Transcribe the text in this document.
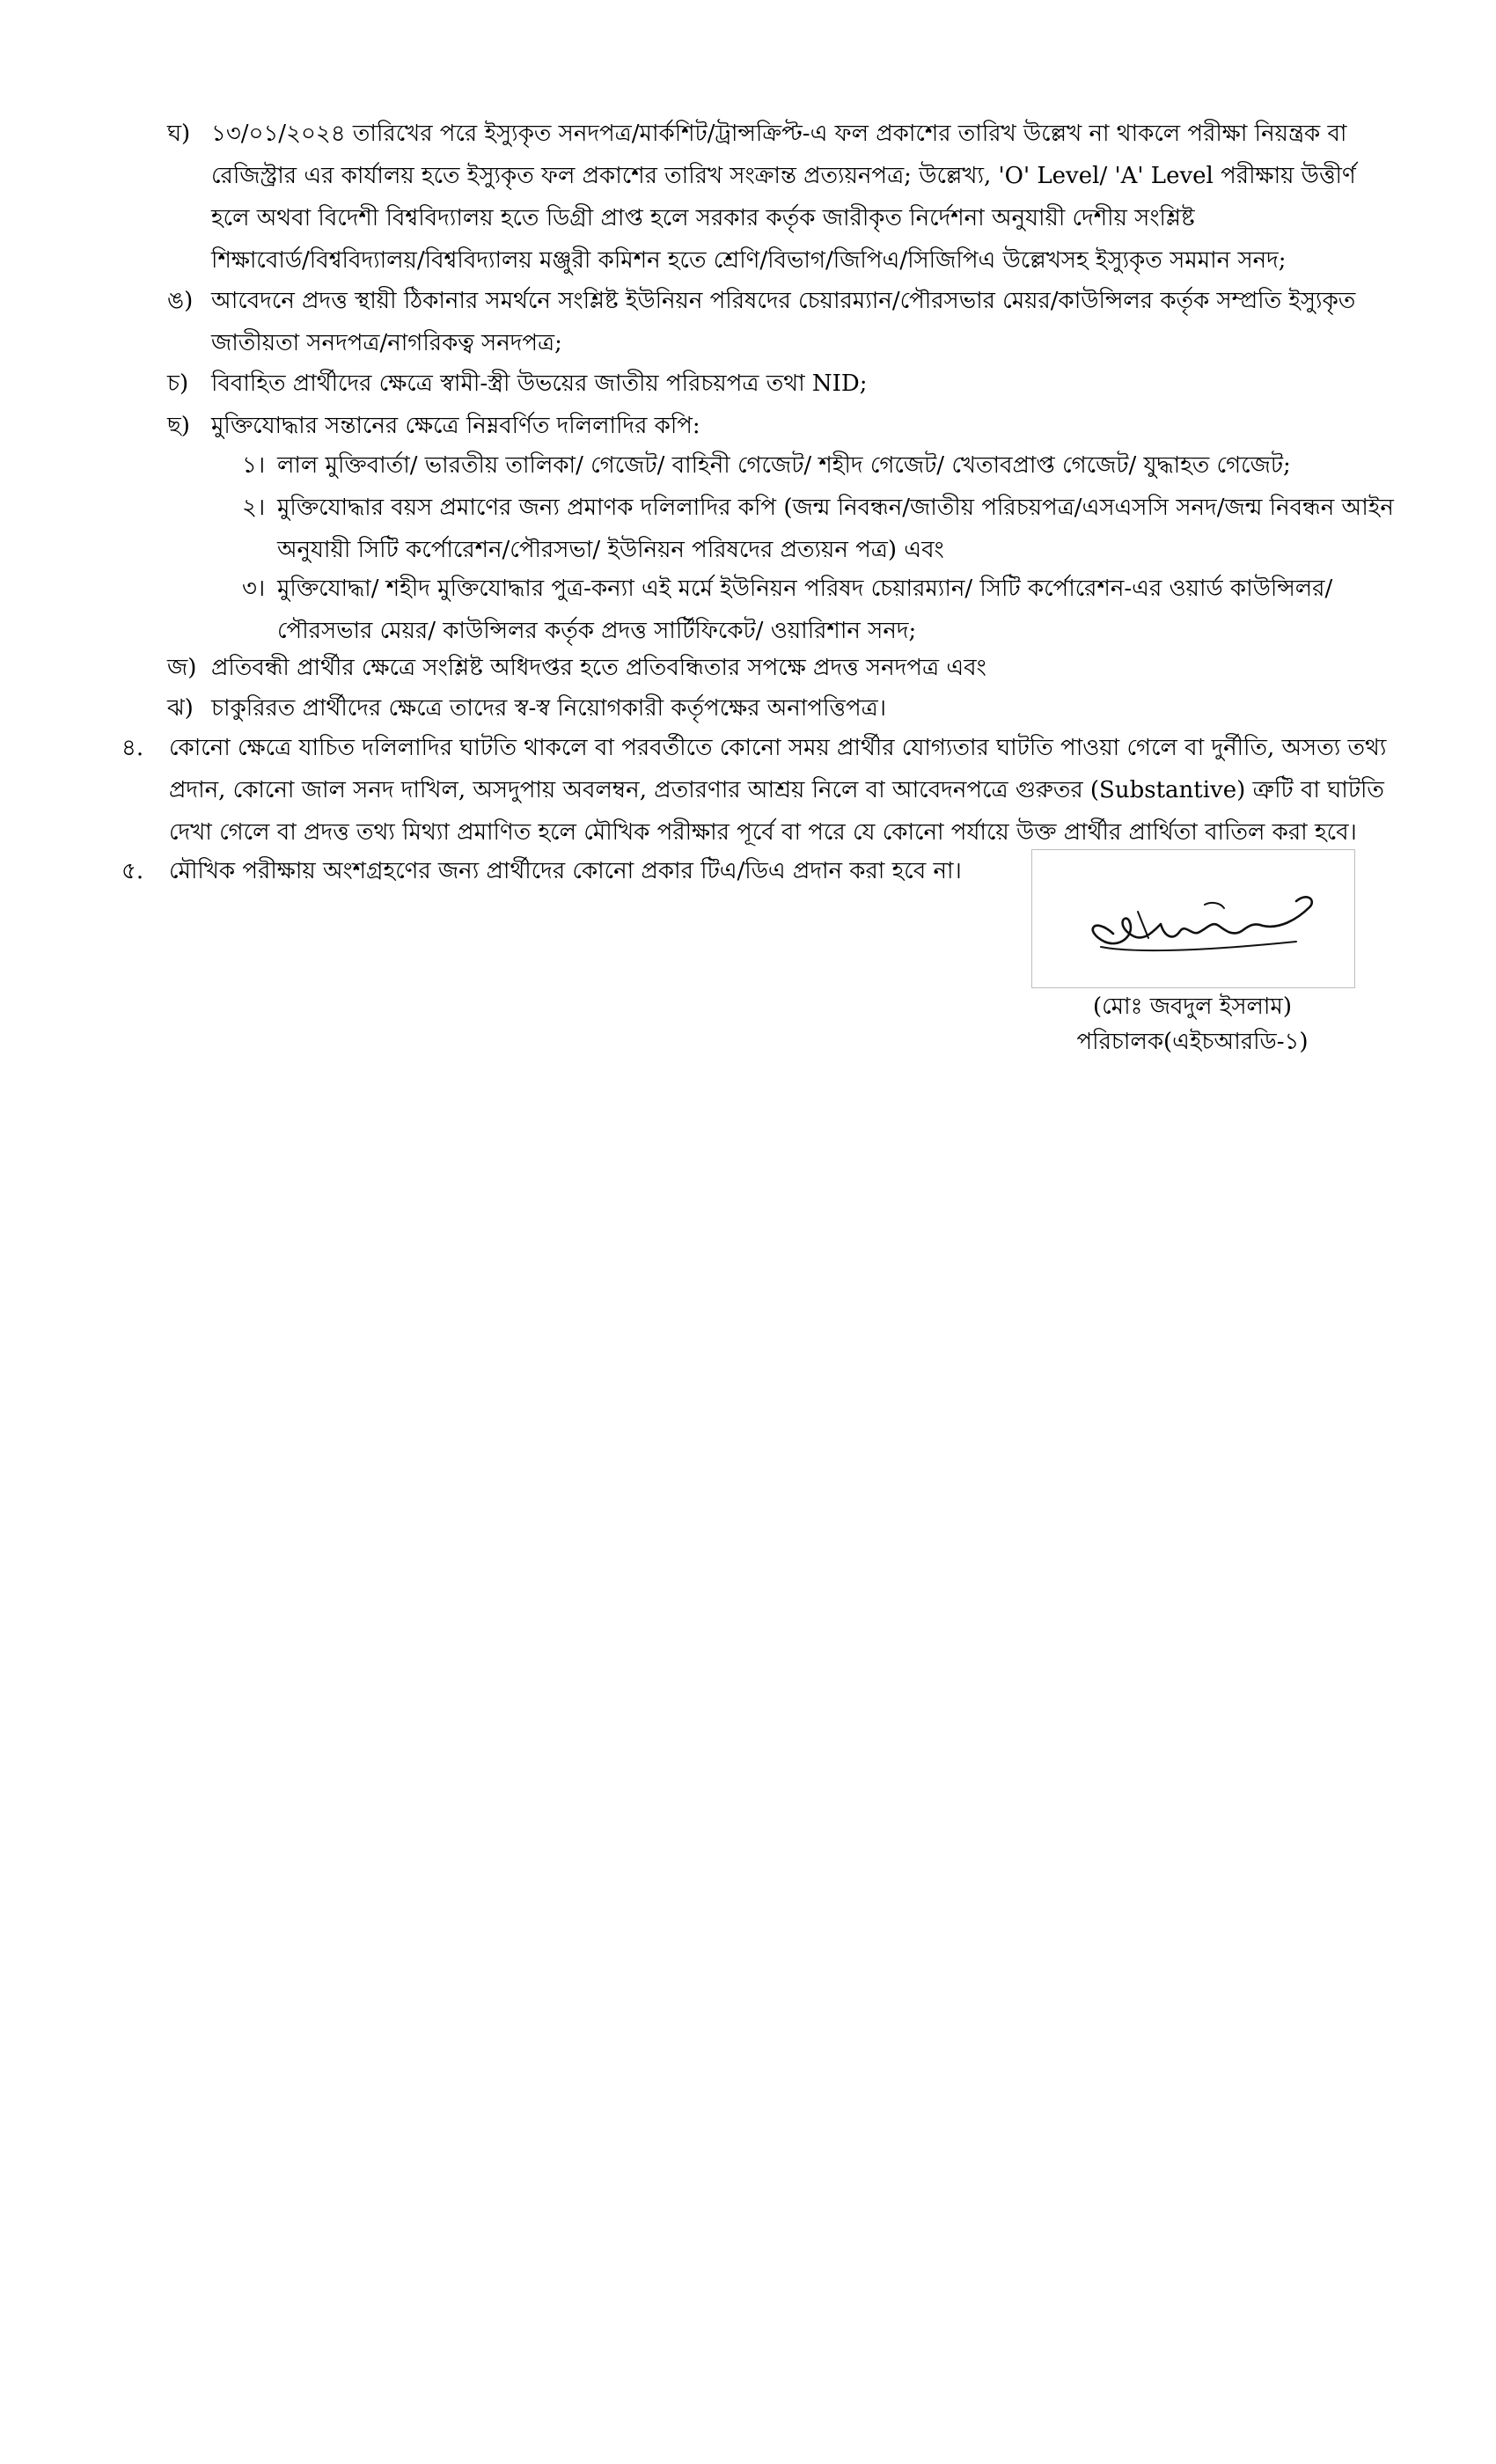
ঘ) ১৩/০১/২০২৪ তারিখের পরে ইস্যুকৃত সনদপত্র/মার্কশিট/ট্রান্সক্রিপ্ট-এ ফল প্রকাশের তারিখ উল্লেখ না থাকলে পরীক্ষা নিয়ন্ত্রক বা
রেজিস্ট্রার এর কার্যালয় হতে ইস্যুকৃত ফল প্রকাশের তারিখ সংক্রান্ত প্রত্যয়নপত্র; উল্লেখ্য, 'O' Level/ 'A' Level পরীক্ষায় উত্তীর্ণ
হলে অথবা বিদেশী বিশ্ববিদ্যালয় হতে ডিগ্রী প্রাপ্ত হলে সরকার কর্তৃক জারীকৃত নির্দেশনা অনুযায়ী দেশীয় সংশ্লিষ্ট
শিক্ষাবোর্ড/বিশ্ববিদ্যালয়/বিশ্ববিদ্যালয় মঞ্জুরী কমিশন হতে শ্রেণি/বিভাগ/জিপিএ/সিজিপিএ উল্লেখসহ ইস্যুকৃত সমমান সনদ;
ঙ) আবেদনে প্রদত্ত স্থায়ী ঠিকানার সমর্থনে সংশ্লিষ্ট ইউনিয়ন পরিষদের চেয়ারম্যান/পৌরসভার মেয়র/কাউন্সিলর কর্তৃক সম্প্রতি ইস্যুকৃত
জাতীয়তা সনদপত্র/নাগরিকত্ব সনদপত্র;
চ) বিবাহিত প্রার্থীদের ক্ষেত্রে স্বামী-স্ত্রী উভয়ের জাতীয় পরিচয়পত্র তথা NID;
ছ) মুক্তিযোদ্ধার সন্তানের ক্ষেত্রে নিম্নবর্ণিত দলিলাদির কপি:
১। লাল মুক্তিবার্তা/ ভারতীয় তালিকা/ গেজেট/ বাহিনী গেজেট/ শহীদ গেজেট/ খেতাবপ্রাপ্ত গেজেট/ যুদ্ধাহত গেজেট;
২। মুক্তিযোদ্ধার বয়স প্রমাণের জন্য প্রমাণক দলিলাদির কপি (জন্ম নিবন্ধন/জাতীয় পরিচয়পত্র/এসএসসি সনদ/জন্ম নিবন্ধন আইন
অনুযায়ী সিটি কর্পোরেশন/পৌরসভা/ ইউনিয়ন পরিষদের প্রত্যয়ন পত্র) এবং
৩। মুক্তিযোদ্ধা/ শহীদ মুক্তিযোদ্ধার পুত্র-কন্যা এই মর্মে ইউনিয়ন পরিষদ চেয়ারম্যান/ সিটি কর্পোরেশন-এর ওয়ার্ড কাউন্সিলর/
পৌরসভার মেয়র/ কাউন্সিলর কর্তৃক প্রদত্ত সার্টিফিকেট/ ওয়ারিশান সনদ;
জ) প্রতিবন্ধী প্রার্থীর ক্ষেত্রে সংশ্লিষ্ট অধিদপ্তর হতে প্রতিবন্ধিতার সপক্ষে প্রদত্ত সনদপত্র এবং
ঝ) চাকুরিরত প্রার্থীদের ক্ষেত্রে তাদের স্ব-স্ব নিয়োগকারী কর্তৃপক্ষের অনাপত্তিপত্র।
৪. কোনো ক্ষেত্রে যাচিত দলিলাদির ঘাটতি থাকলে বা পরবর্তীতে কোনো সময় প্রার্থীর যোগ্যতার ঘাটতি পাওয়া গেলে বা দুর্নীতি, অসত্য তথ্য
প্রদান, কোনো জাল সনদ দাখিল, অসদুপায় অবলম্বন, প্রতারণার আশ্রয় নিলে বা আবেদনপত্রে গুরুতর (Substantive) ত্রুটি বা ঘাটতি
দেখা গেলে বা প্রদত্ত তথ্য মিথ্যা প্রমাণিত হলে মৌখিক পরীক্ষার পূর্বে বা পরে যে কোনো পর্যায়ে উক্ত প্রার্থীর প্রার্থিতা বাতিল করা হবে।
৫. মৌখিক পরীক্ষায় অংশগ্রহণের জন্য প্রার্থীদের কোনো প্রকার টিএ/ডিএ প্রদান করা হবে না।
(মোঃ জবদুল ইসলাম)
পরিচালক(এইচআরডি-১)
